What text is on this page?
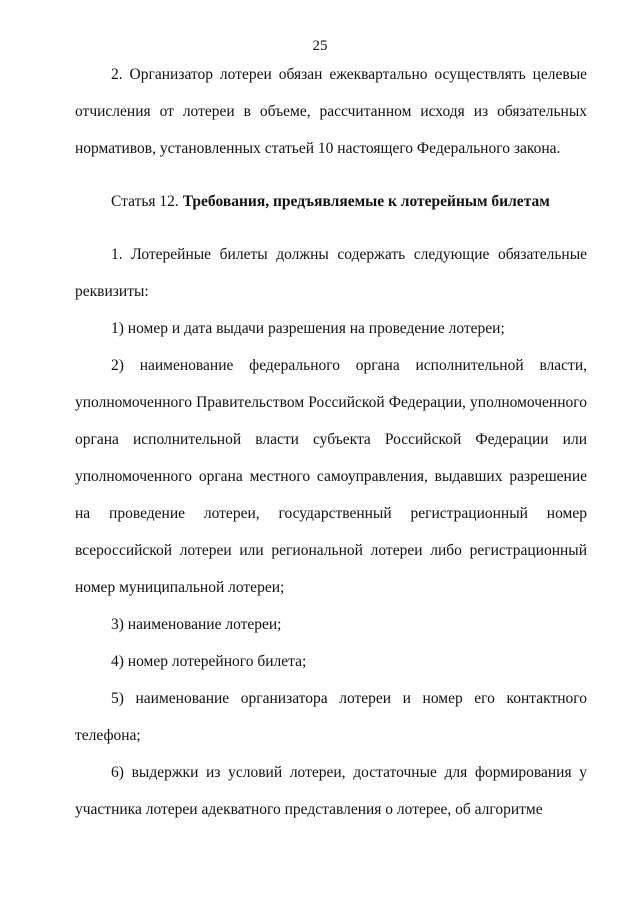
25

2. Организатор лотереи обязан ежеквартально осуществлять целевые отчисления от лотереи в объеме, рассчитанном исходя из обязательных нормативов, установленных статьей 10 настоящего Федерального закона.

Статья 12. Требования, предъявляемые к лотерейным билетам

1. Лотерейные билеты должны содержать следующие обязательные реквизиты:

1) номер и дата выдачи разрешения на проведение лотереи;

2) наименование федерального органа исполнительной власти, уполномоченного Правительством Российской Федерации, уполномоченного органа исполнительной власти субъекта Российской Федерации или уполномоченного органа местного самоуправления, выдавших разрешение на проведение лотереи, государственный регистрационный номер всероссийской лотереи или региональной лотереи либо регистрационный номер муниципальной лотереи;

3) наименование лотереи;

4) номер лотерейного билета;

5) наименование организатора лотереи и номер его контактного телефона;

6) выдержки из условий лотереи, достаточные для формирования у участника лотереи адекватного представления о лотерее, об алгоритме
